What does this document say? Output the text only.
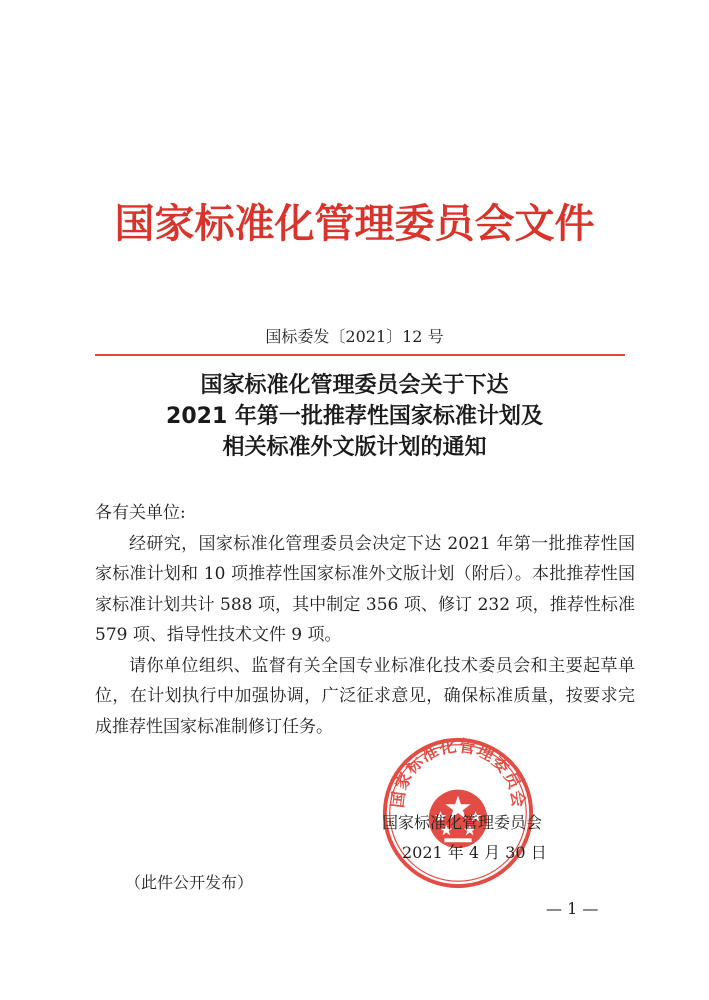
国家标准化管理委员会文件
国标委发〔2021〕12 号
国家标准化管理委员会关于下达
2021 年第一批推荐性国家标准计划及
相关标准外文版计划的通知

各有关单位:

经研究，国家标准化管理委员会决定下达 2021 年第一批推荐性国家标准计划和 10 项推荐性国家标准外文版计划（附后）。本批推荐性国家标准计划共计 588 项，其中制定 356 项、修订 232 项，推荐性标准 579 项、指导性技术文件 9 项。

请你单位组织、监督有关全国专业标准化技术委员会和主要起草单位，在计划执行中加强协调，广泛征求意见，确保标准质量，按要求完成推荐性国家标准制修订任务。

国家标准化管理委员会
国家标准化管理委员会
2021 年 4 月 30 日
（此件公开发布）
— 1 —
